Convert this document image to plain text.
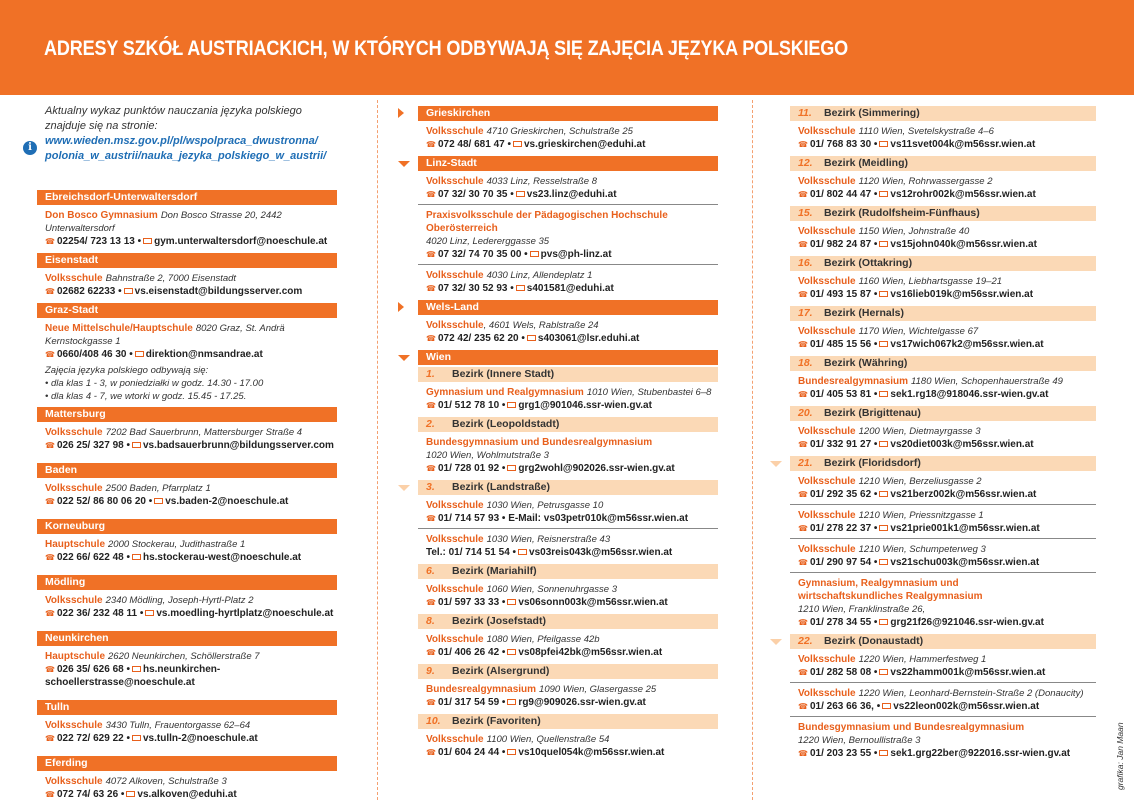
ADRESY SZKÓŁ AUSTRIACKICH, W KTÓRYCH ODBYWAJĄ SIĘ ZAJĘCIA JĘZYKA POLSKIEGO
i
Aktualny wykaz punktów nauczania języka polskiego
znajduje się na stronie:
www.wieden.msz.gov.pl/pl/wspolpraca_dwustronna/
polonia_w_austrii/nauka_jezyka_polskiego_w_austrii/
Ebreichsdorf-Unterwaltersdorf
Don Bosco Gymnasium Don Bosco Strasse 20, 2442 Unterwaltersdorf
☎ 02254/ 723 13 13 • gym.unterwaltersdorf@noeschule.at
Eisenstadt
Volksschule Bahnstraße 2, 7000 Eisenstadt
☎ 02682 62233 • vs.eisenstadt@bildungsserver.com
Graz-Stadt
Neue Mittelschule/Hauptschule 8020 Graz, St. Andrä Kernstockgasse 1
☎ 0660/408 46 30 • direktion@nmsandrae.at
Zajęcia języka polskiego odbywają się:
• dla klas 1 - 3, w poniedziałki w godz. 14.30 - 17.00
• dla klas 4 - 7, we wtorki w godz. 15.45 - 17.25.
Mattersburg
Volksschule 7202 Bad Sauerbrunn, Mattersburger Straße 4
☎ 026 25/ 327 98 • vs.badsauerbrunn@bildungsserver.com
Baden
Volksschule 2500 Baden, Pfarrplatz 1
☎ 022 52/ 86 80 06 20 • vs.baden-2@noeschule.at
Korneuburg
Hauptschule 2000 Stockerau, Judithastraße 1
☎ 022 66/ 622 48 • hs.stockerau-west@noeschule.at
Mödling
Volksschule 2340 Mödling, Joseph-Hyrtl-Platz 2
☎ 022 36/ 232 48 11 • vs.moedling-hyrtlplatz@noeschule.at
Neunkirchen
Hauptschule 2620 Neunkirchen, Schöllerstraße 7
☎ 026 35/ 626 68 • hs.neunkirchen-schoellerstrasse@noeschule.at
Tulln
Volksschule 3430 Tulln, Frauentorgasse 62–64
☎ 022 72/ 629 22 • vs.tulln-2@noeschule.at
Eferding
Volksschule 4072 Alkoven, Schulstraße 3
☎ 072 74/ 63 26 • vs.alkoven@eduhi.at
Grieskirchen
Volksschule 4710 Grieskirchen, Schulstraße 25
☎ 072 48/ 681 47 • vs.grieskirchen@eduhi.at
Linz-Stadt
Volksschule 4033 Linz, Resselstraße 8
☎ 07 32/ 30 70 35 • vs23.linz@eduhi.at
Praxisvolksschule der Pädagogischen Hochschule Oberösterreich
4020 Linz, Ledererggasse 35
☎ 07 32/ 74 70 35 00 • pvs@ph-linz.at
Volksschule 4030 Linz, Allendeplatz 1
☎ 07 32/ 30 52 93 • s401581@eduhi.at
Wels-Land
Volksschule, 4601 Wels, Rablstraße 24
☎ 072 42/ 235 62 20 • s403061@lsr.eduhi.at
Wien
1. Bezirk (Innere Stadt)
Gymnasium und Realgymnasium 1010 Wien, Stubenbastei 6–8
☎ 01/ 512 78 10 • grg1@901046.ssr-wien.gv.at
2. Bezirk (Leopoldstadt)
Bundesgymnasium und Bundesrealgymnasium
1020 Wien, Wohlmutstraße 3
☎ 01/ 728 01 92 • grg2wohl@902026.ssr-wien.gv.at
3. Bezirk (Landstraße)
Volksschule 1030 Wien, Petrusgasse 10
☎ 01/ 714 57 93 • E-Mail: vs03petr010k@m56ssr.wien.at
Volksschule 1030 Wien, Reisnerstraße 43
Tel.: 01/ 714 51 54 • vs03reis043k@m56ssr.wien.at
6. Bezirk (Mariahilf)
Volksschule 1060 Wien, Sonnenuhrgasse 3
☎ 01/ 597 33 33 • vs06sonn003k@m56ssr.wien.at
8. Bezirk (Josefstadt)
Volksschule 1080 Wien, Pfeilgasse 42b
☎ 01/ 406 26 42 • vs08pfei42bk@m56ssr.wien.at
9. Bezirk (Alsergrund)
Bundesrealgymnasium 1090 Wien, Glasergasse 25
☎ 01/ 317 54 59 • rg9@909026.ssr-wien.gv.at
10. Bezirk (Favoriten)
Volksschule 1100 Wien, Quellenstraße 54
☎ 01/ 604 24 44 • vs10quel054k@m56ssr.wien.at
11. Bezirk (Simmering)
Volksschule 1110 Wien, Svetelskystraße 4–6
☎ 01/ 768 83 30 • vs11svet004k@m56ssr.wien.at
12. Bezirk (Meidling)
Volksschule 1120 Wien, Rohrwassergasse 2
☎ 01/ 802 44 47 • vs12rohr002k@m56ssr.wien.at
15. Bezirk (Rudolfsheim-Fünfhaus)
Volksschule 1150 Wien, Johnstraße 40
☎ 01/ 982 24 87 • vs15john040k@m56ssr.wien.at
16. Bezirk (Ottakring)
Volksschule 1160 Wien, Liebhartsgasse 19–21
☎ 01/ 493 15 87 • vs16lieb019k@m56ssr.wien.at
17. Bezirk (Hernals)
Volksschule 1170 Wien, Wichtelgasse 67
☎ 01/ 485 15 56 • vs17wich067k2@m56ssr.wien.at
18. Bezirk (Währing)
Bundesrealgymnasium 1180 Wien, Schopenhauerstraße 49
☎ 01/ 405 53 81 • sek1.rg18@918046.ssr-wien.gv.at
20. Bezirk (Brigittenau)
Volksschule 1200 Wien, Dietmayrgasse 3
☎ 01/ 332 91 27 • vs20diet003k@m56ssr.wien.at
21. Bezirk (Floridsdorf)
Volksschule 1210 Wien, Berzeliusgasse 2
☎ 01/ 292 35 62 • vs21berz002k@m56ssr.wien.at
Volksschule 1210 Wien, Priessnitzgasse 1
☎ 01/ 278 22 37 • vs21prie001k1@m56ssr.wien.at
Volksschule 1210 Wien, Schumpeterweg 3
☎ 01/ 290 97 54 • vs21schu003k@m56ssr.wien.at
Gymnasium, Realgymnasium und
wirtschaftskundliches Realgymnasium
1210 Wien, Franklinstraße 26,
☎ 01/ 278 34 55 • grg21f26@921046.ssr-wien.gv.at
22. Bezirk (Donaustadt)
Volksschule 1220 Wien, Hammerfestweg 1
☎ 01/ 282 58 08 • vs22hamm001k@m56ssr.wien.at
Volksschule 1220 Wien, Leonhard-Bernstein-Straße 2 (Donaucity)
☎ 01/ 263 66 36, • vs22leon002k@m56ssr.wien.at
Bundesgymnasium und Bundesrealgymnasium
1220 Wien, Bernoullistraße 3
☎ 01/ 203 23 55 • sek1.grg22ber@922016.ssr-wien.gv.at	grafika: Jan Maan
